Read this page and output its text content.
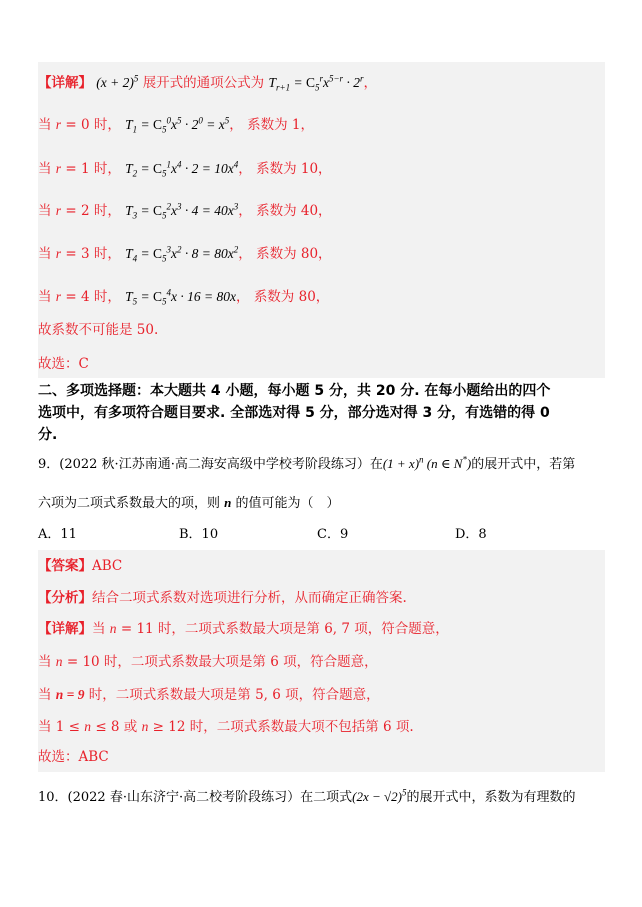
【详解】 $(x + 2)^5$ 展开式的通项公式为 $T_{r+1} = C_5^rx^{5-r} \cdot 2^r$，
当 r = 0 时， $T_1 = C_5^0x^5 \cdot 2^0 = x^5$， 系数为 1，
当 r = 1 时， $T_2 = C_5^1x^4 \cdot 2 = 10x^4$， 系数为 10，
当 r = 2 时， $T_3 = C_5^2x^3 \cdot 4 = 40x^3$， 系数为 40，
当 r = 3 时， $T_4 = C_5^3x^2 \cdot 8 = 80x^2$， 系数为 80，
当 r = 4 时， $T_5 = C_5^4x \cdot 16 = 80x$， 系数为 80，
故系数不可能是 50.
故选：C
二、多项选择题：本大题共 4 小题，每小题 5 分，共 20 分. 在每小题给出的四个
选项中，有多项符合题目要求. 全部选对得 5 分，部分选对得 3 分，有选错的得 0
分.
9．(2022 秋·江苏南通·高二海安高级中学校考阶段练习）在$(1 + x)^n$ (n ∈ N*)的展开式中，若第
六项为二项式系数最大的项，则 n 的值可能为（　）
A．11	B．10	C．9	D．8
【答案】ABC
【分析】结合二项式系数对选项进行分析，从而确定正确答案.
【详解】当 n = 11 时，二项式系数最大项是第 6, 7 项，符合题意，
当 n = 10 时，二项式系数最大项是第 6 项，符合题意，
当 n = 9 时，二项式系数最大项是第 5, 6 项，符合题意，
当 1 ≤ n ≤ 8 或 n ≥ 12 时，二项式系数最大项不包括第 6 项.
故选：ABC
10．(2022 春·山东济宁·高二校考阶段练习）在二项式$(2x - √2)^5$的展开式中，系数为有理数的
